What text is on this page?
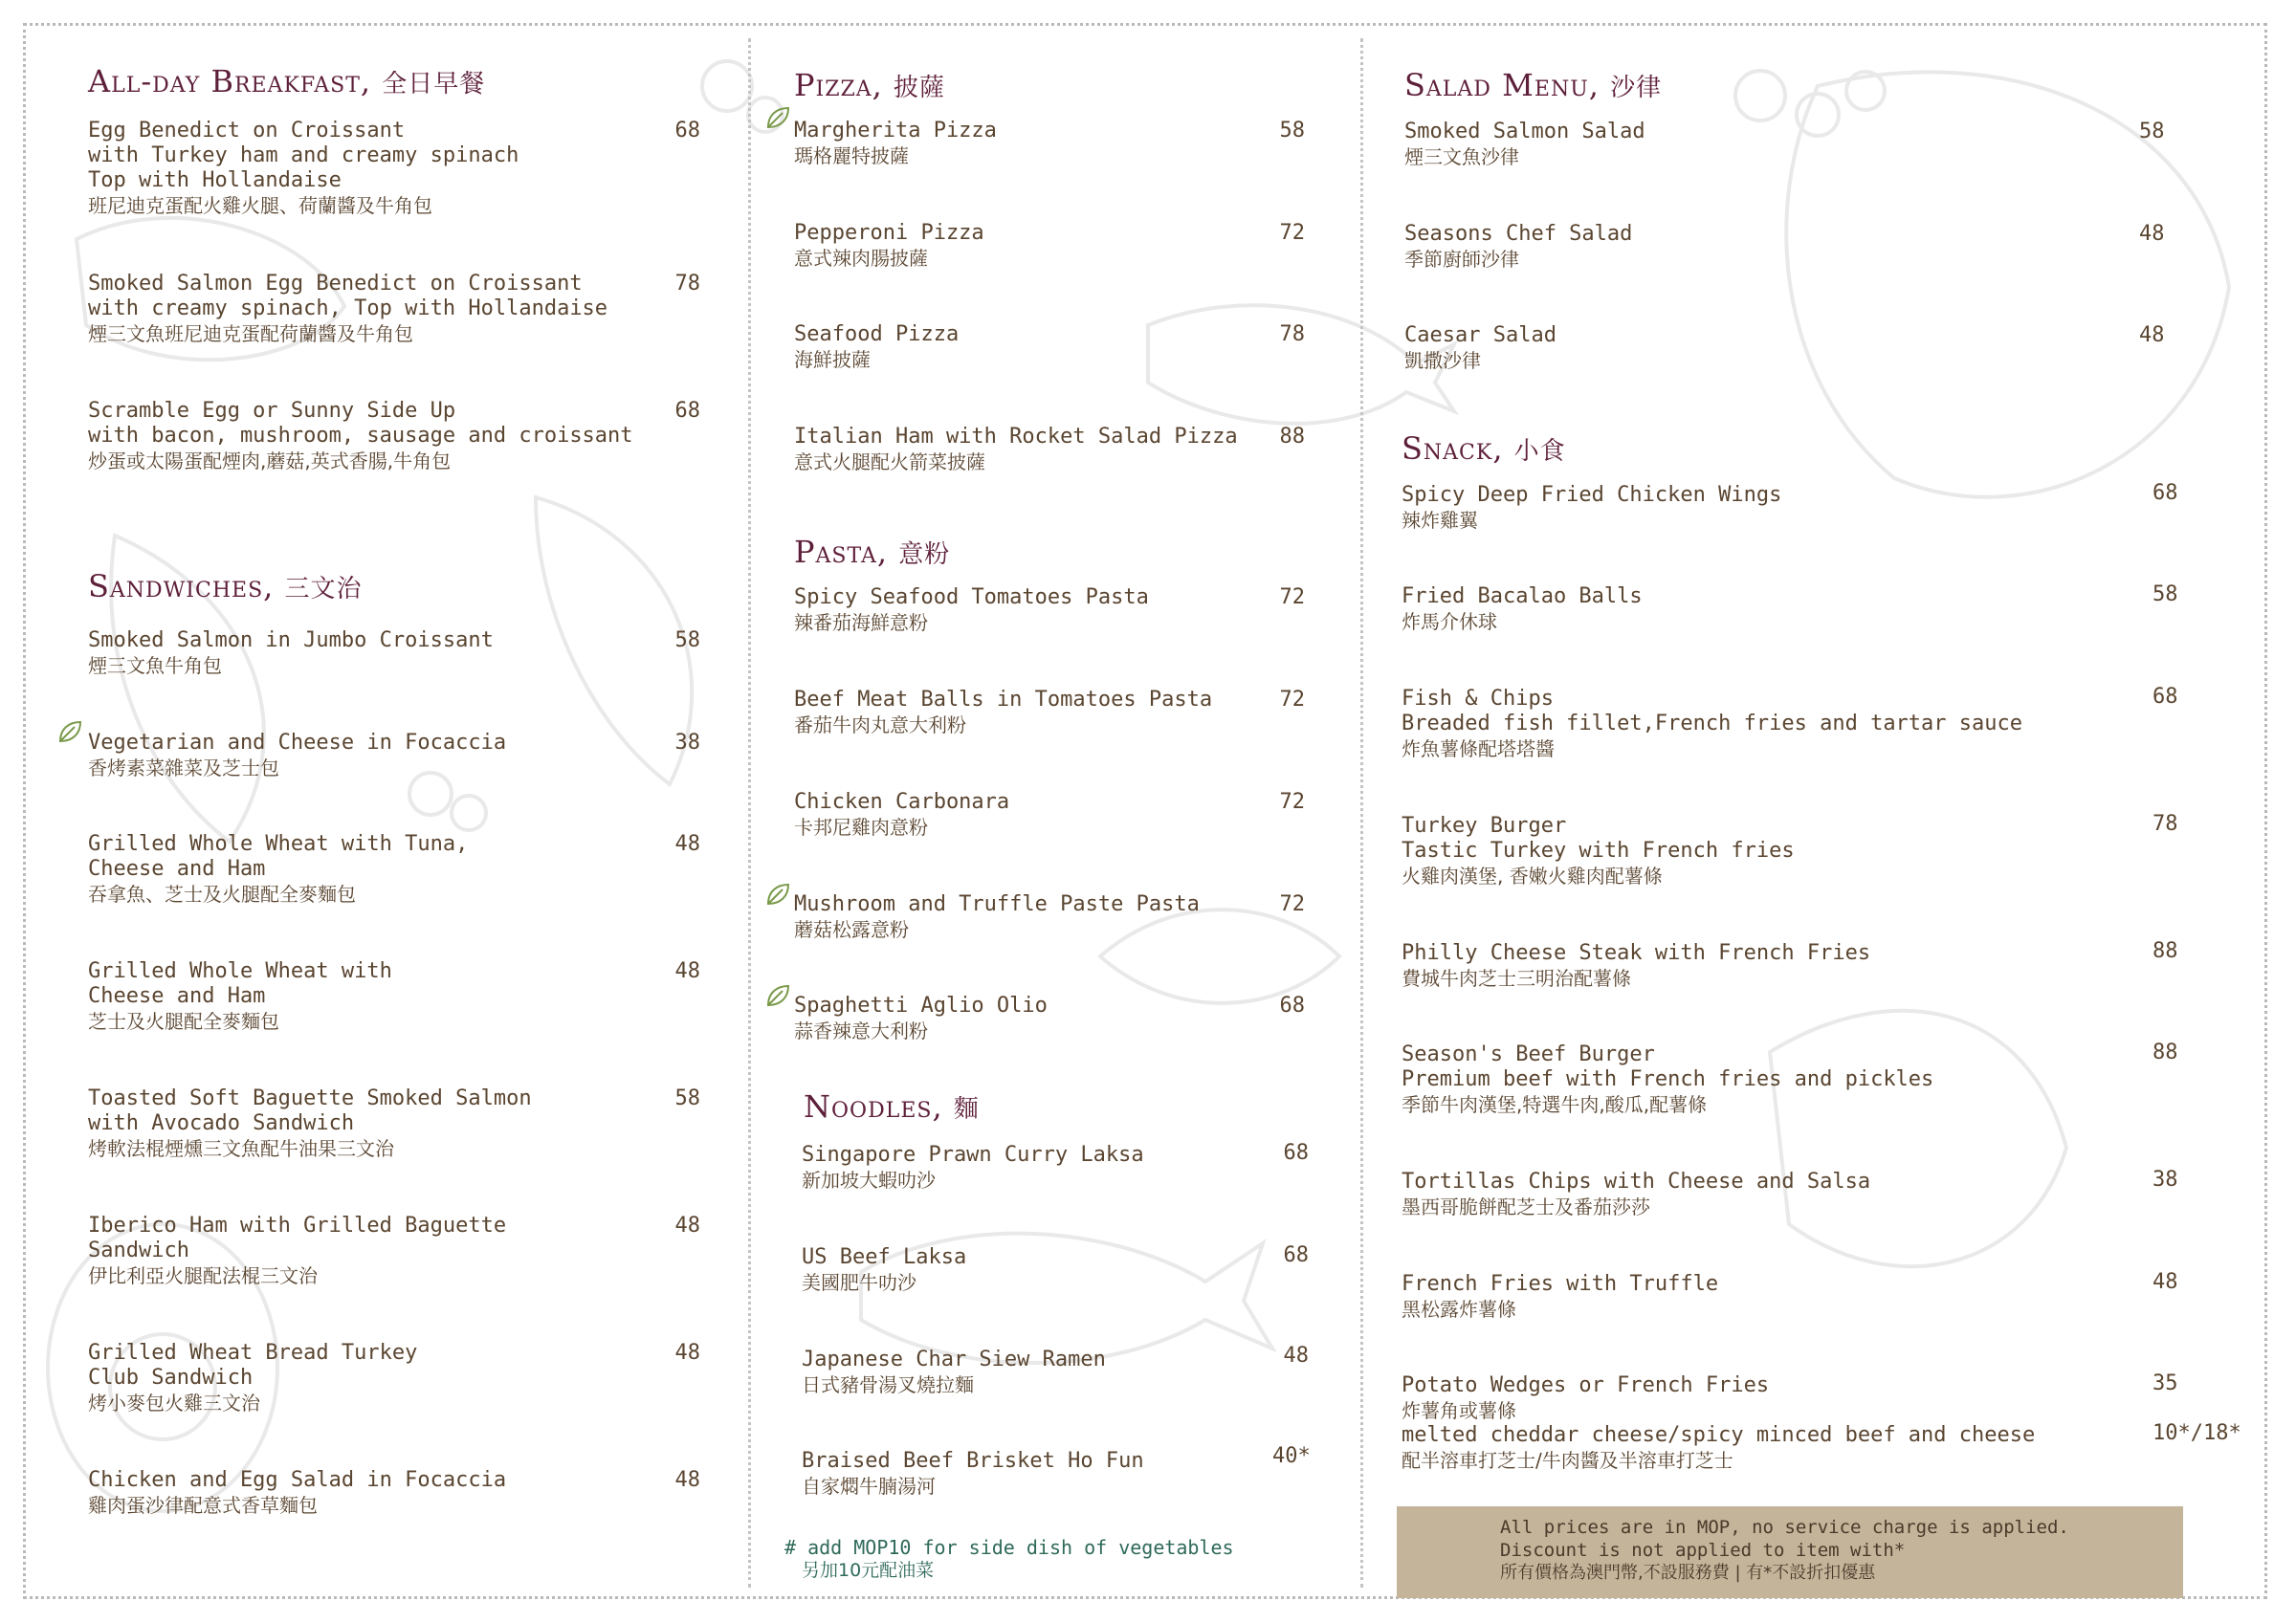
All-day Breakfast, 全日早餐
Egg Benedict on Croissant
with Turkey ham and creamy spinach
Top with Hollandaise
班尼迪克蛋配火雞火腿、荷蘭醬及牛角包
68
Smoked Salmon Egg Benedict on Croissant
with creamy spinach, Top with Hollandaise
煙三文魚班尼迪克蛋配荷蘭醬及牛角包
78
Scramble Egg or Sunny Side Up
with bacon, mushroom, sausage and croissant
炒蛋或太陽蛋配煙肉,蘑菇,英式香腸,牛角包
68
Sandwiches, 三文治
Smoked Salmon in Jumbo Croissant
煙三文魚牛角包
58
Vegetarian and Cheese in Focaccia
香烤素菜雜菜及芝士包
38
Grilled Whole Wheat with Tuna,
Cheese and Ham
吞拿魚、芝士及火腿配全麥麵包
48
Grilled Whole Wheat with
Cheese and Ham
芝士及火腿配全麥麵包
48
Toasted Soft Baguette Smoked Salmon
with Avocado Sandwich
烤軟法棍煙燻三文魚配牛油果三文治
58
Iberico Ham with Grilled Baguette
Sandwich
伊比利亞火腿配法棍三文治
48
Grilled Wheat Bread Turkey
Club Sandwich
烤小麥包火雞三文治
48
Chicken and Egg Salad in Focaccia
雞肉蛋沙律配意式香草麵包
48
Pizza, 披薩
Margherita Pizza
瑪格麗特披薩
58
Pepperoni Pizza
意式辣肉腸披薩
72
Seafood Pizza
海鮮披薩
78
Italian Ham with Rocket Salad Pizza
意式火腿配火箭菜披薩
88
Pasta, 意粉
Spicy Seafood Tomatoes Pasta
辣番茄海鮮意粉
72
Beef Meat Balls in Tomatoes Pasta
番茄牛肉丸意大利粉
72
Chicken Carbonara
卡邦尼雞肉意粉
72
Mushroom and Truffle Paste Pasta
蘑菇松露意粉
72
Spaghetti Aglio Olio
蒜香辣意大利粉
68
Noodles, 麵
Singapore Prawn Curry Laksa
新加坡大蝦叻沙
68
US Beef Laksa
美國肥牛叻沙
68
Japanese Char Siew Ramen
日式豬骨湯叉燒拉麵
48
Braised Beef Brisket Ho Fun
自家燜牛腩湯河
40*
# add MOP10 for side dish of vegetables
另加10元配油菜
Salad Menu, 沙律
Smoked Salmon Salad
煙三文魚沙律
58
Seasons Chef Salad
季節廚師沙律
48
Caesar Salad
凱撒沙律
48
Snack, 小食
Spicy Deep Fried Chicken Wings
辣炸雞翼
68
Fried Bacalao Balls
炸馬介休球
58
Fish & Chips
Breaded fish fillet,French fries and tartar sauce
炸魚薯條配塔塔醬
68
Turkey Burger
Tastic Turkey with French fries
火雞肉漢堡, 香嫩火雞肉配薯條
78
Philly Cheese Steak with French Fries
費城牛肉芝士三明治配薯條
88
Season's Beef Burger
Premium beef with French fries and pickles
季節牛肉漢堡,特選牛肉,酸瓜,配薯條
88
Tortillas Chips with Cheese and Salsa
墨西哥脆餅配芝士及番茄莎莎
38
French Fries with Truffle
黑松露炸薯條
48
Potato Wedges or French Fries
炸薯角或薯條
melted cheddar cheese/spicy minced beef and cheese
配半溶車打芝士/牛肉醬及半溶車打芝士
35
10*/18*
All prices are in MOP, no service charge is applied.
Discount is not applied to item with*
所有價格為澳門幣,不設服務費 | 有*不設折扣優惠
